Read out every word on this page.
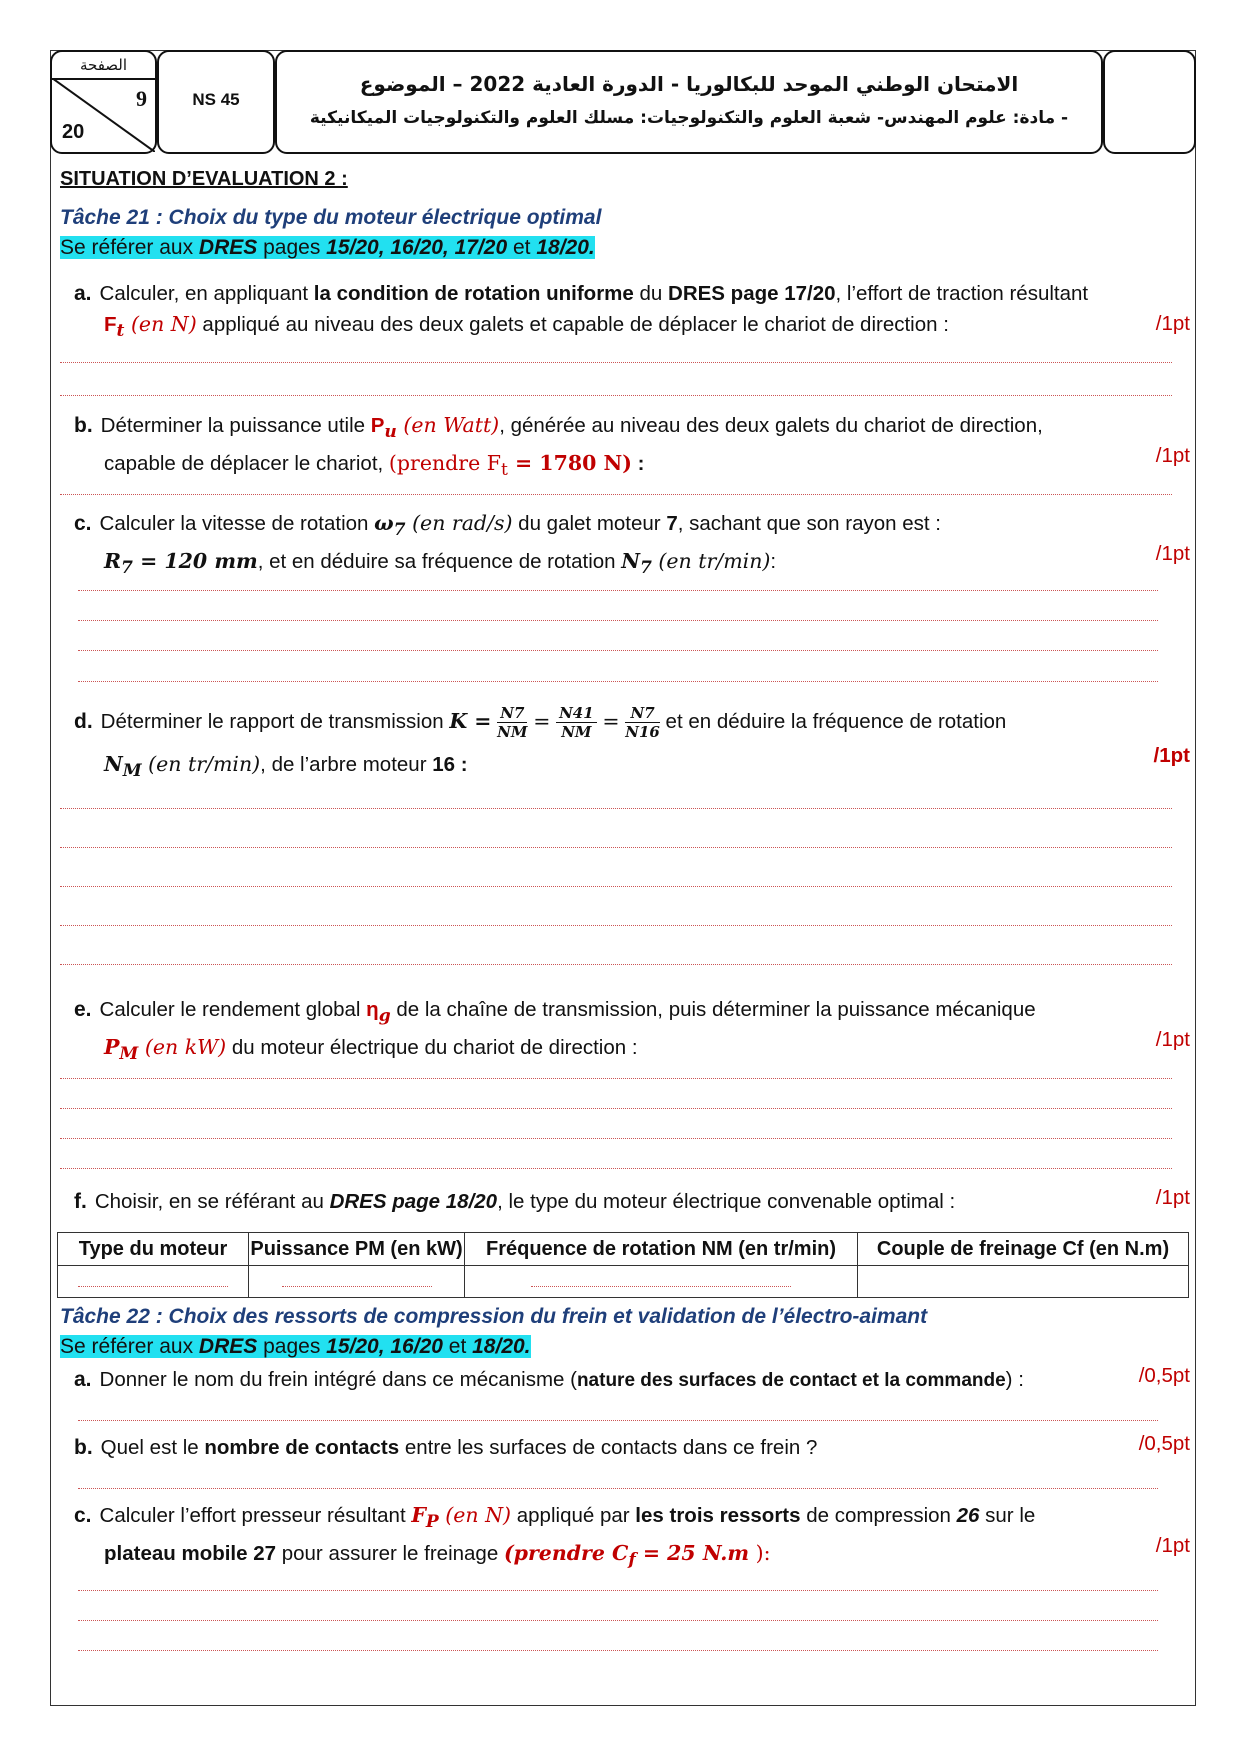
الصفحة
9
20
NS 45
الامتحان الوطني الموحد للبكالوريا - الدورة العادية 2022 – الموضوع
- مادة: علوم المهندس- شعبة العلوم والتكنولوجيات: مسلك العلوم والتكنولوجيات الميكانيكية
SITUATION D’EVALUATION 2 :
Tâche 21 : Choix du type du moteur électrique optimal
Se référer aux DRES pages 15/20, 16/20, 17/20 et 18/20.
a. Calculer, en appliquant la condition de rotation uniforme du DRES page 17/20, l’effort de traction résultant
$F_t$ (en N) appliqué au niveau des deux galets et capable de déplacer le chariot de direction :	/1pt
b. Déterminer la puissance utile $P_u$ (en Watt), générée au niveau des deux galets du chariot de direction,
capable de déplacer le chariot, (prendre $F_t = 1780$ N) :	/1pt
c. Calculer la vitesse de rotation $\omega_7$ (en rad/s) du galet moteur 7, sachant que son rayon est :
$R_7 = 120$ mm, et en déduire sa fréquence de rotation $N_7$ (en tr/min):	/1pt
d. Déterminer le rapport de transmission $K = \frac{N7}{NM} = \frac{N41}{NM} = \frac{N7}{N16}$ et en déduire la fréquence de rotation
$N_M$ (en tr/min), de l’arbre moteur 16 :	/1pt
e. Calculer le rendement global $\eta_g$ de la chaîne de transmission, puis déterminer la puissance mécanique
$P_M$ (en kW) du moteur électrique du chariot de direction :	/1pt
f. Choisir, en se référant au DRES page 18/20, le type du moteur électrique convenable optimal :	/1pt
Type du moteur	Puissance PM (en kW)	Fréquence de rotation NM (en tr/min)	Couple de freinage Cf (en N.m)

Tâche 22 : Choix des ressorts de compression du frein et validation de l’électro-aimant
Se référer aux DRES pages 15/20, 16/20 et 18/20.
a. Donner le nom du frein intégré dans ce mécanisme (nature des surfaces de contact et la commande) :	/0,5pt
b. Quel est le nombre de contacts entre les surfaces de contacts dans ce frein ?	/0,5pt
c. Calculer l’effort presseur résultant $F_P$ (en N) appliqué par les trois ressorts de compression 26 sur le
plateau mobile 27 pour assurer le freinage (prendre $C_f = 25$ N.m ):	/1pt
